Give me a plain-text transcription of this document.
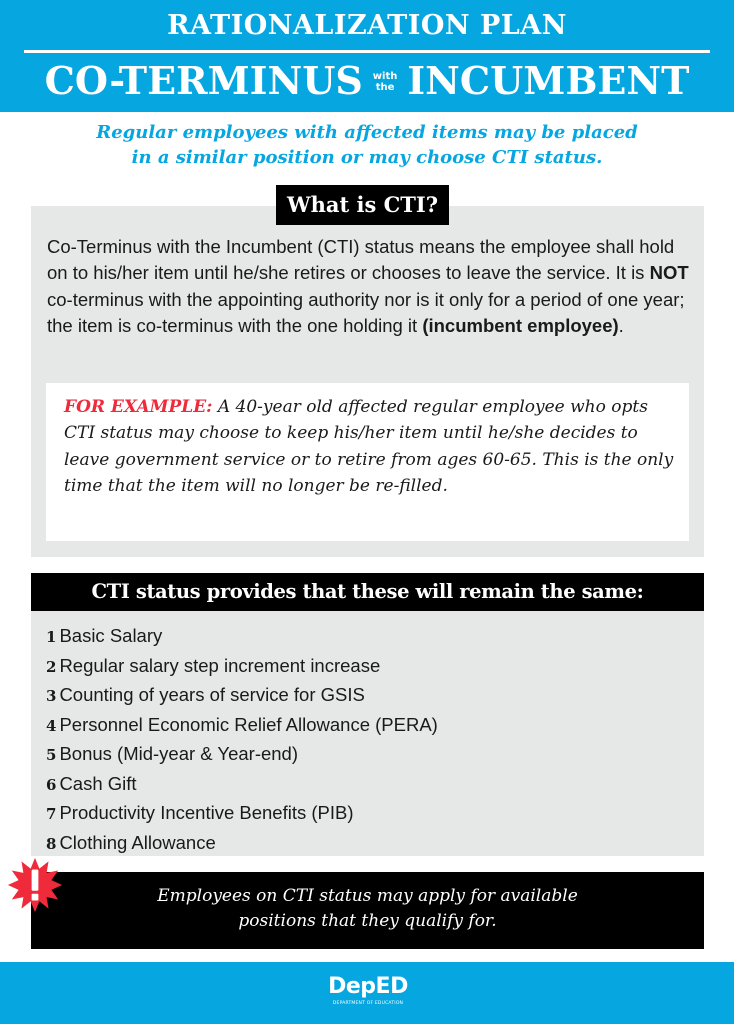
RATIONALIZATION PLAN
CO-TERMINUS with
the INCUMBENT
Regular employees with affected items may be placed
in a similar position or may choose CTI status.
What is CTI?
Co-Terminus with the Incumbent (CTI) status means the employee shall hold on to his/her item until he/she retires or chooses to leave the service. It is NOT co-terminus with the appointing authority nor is it only for a period of one year; the item is co-terminus with the one holding it (incumbent employee).
FOR EXAMPLE: A 40-year old affected regular employee who opts CTI status may choose to keep his/her item until he/she decides to leave government service or to retire from ages 60-65. This is the only time that the item will no longer be re-filled.
CTI status provides that these will remain the same:
1 Basic Salary
2 Regular salary step increment increase
3 Counting of years of service for GSIS
4 Personnel Economic Relief Allowance (PERA)
5 Bonus (Mid-year & Year-end)
6 Cash Gift
7 Productivity Incentive Benefits (PIB)
8 Clothing Allowance
Employees on CTI status may apply for available
positions that they qualify for.
DepED
DEPARTMENT OF EDUCATION
